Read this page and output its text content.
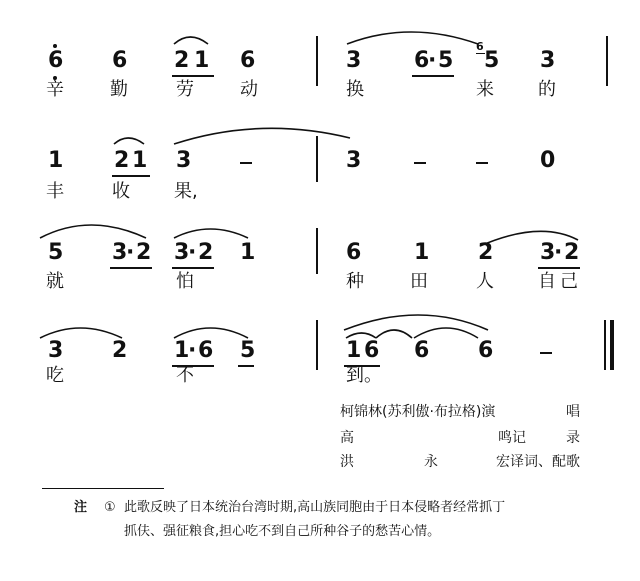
6 6 2 1 6	3 6
· 5
6
5 3
辛	勤	劳	动	换	来 的
1 2 1 3	3	0
丰	收 果,
5 3
· 2 3
· 2 1	6 1 2 3
· 2
就	怕	种	田	人 自 己
3 2 1
· 6 5	1 6 6 6
吃	不	到。
柯锦林(苏利傲·布拉格)演	唱
高	鸣记	录
洪	永	宏译词、配歌
注 ① 此歌反映了日本统治台湾时期,高山族同胞由于日本侵略者经常抓丁
抓伕、强征粮食,担心吃不到自己所种谷子的愁苦心情。
